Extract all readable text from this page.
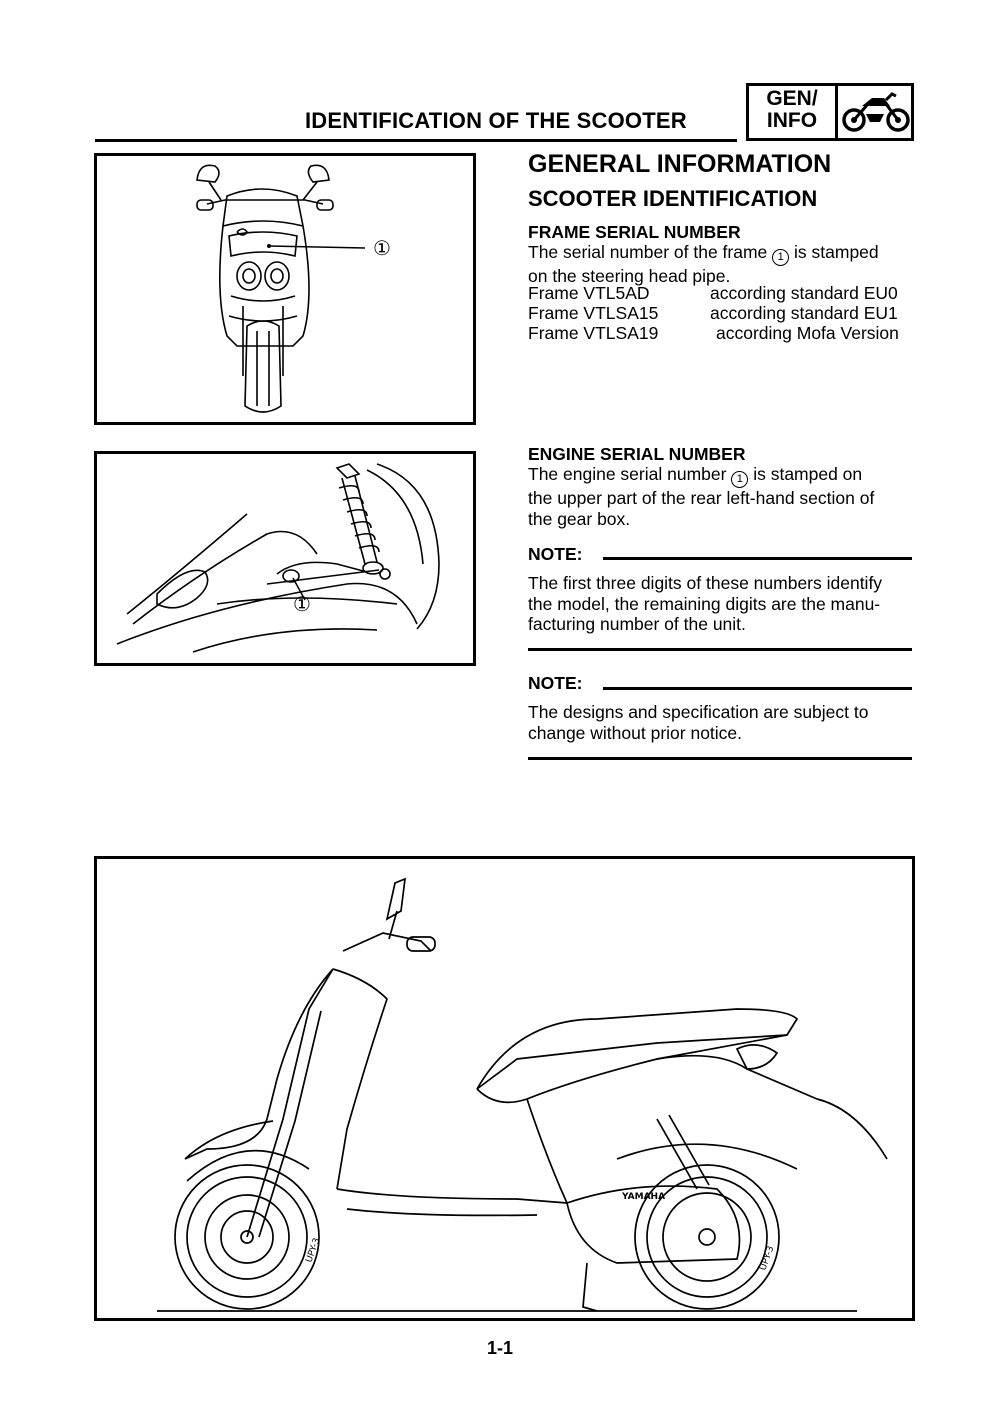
IDENTIFICATION OF THE SCOOTER
GEN/
INFO
①
①
GENERAL INFORMATION
SCOOTER IDENTIFICATION
FRAME SERIAL NUMBER
The serial number of the frame 1 is stamped
on the steering head pipe.
Frame VTL5AD	according standard EU0
Frame VTLSA15	according standard EU1
Frame VTLSA19	according Mofa Version
ENGINE SERIAL NUMBER
The engine serial number 1 is stamped on
the upper part of the rear left-hand section of
the gear box.
NOTE:
The first three digits of these numbers identify
the model, the remaining digits are the manu-
facturing number of the unit.
NOTE:
The designs and specification are subject to
change without prior notice.
YAMAHA
UPY-3	UPY-3
1-1
